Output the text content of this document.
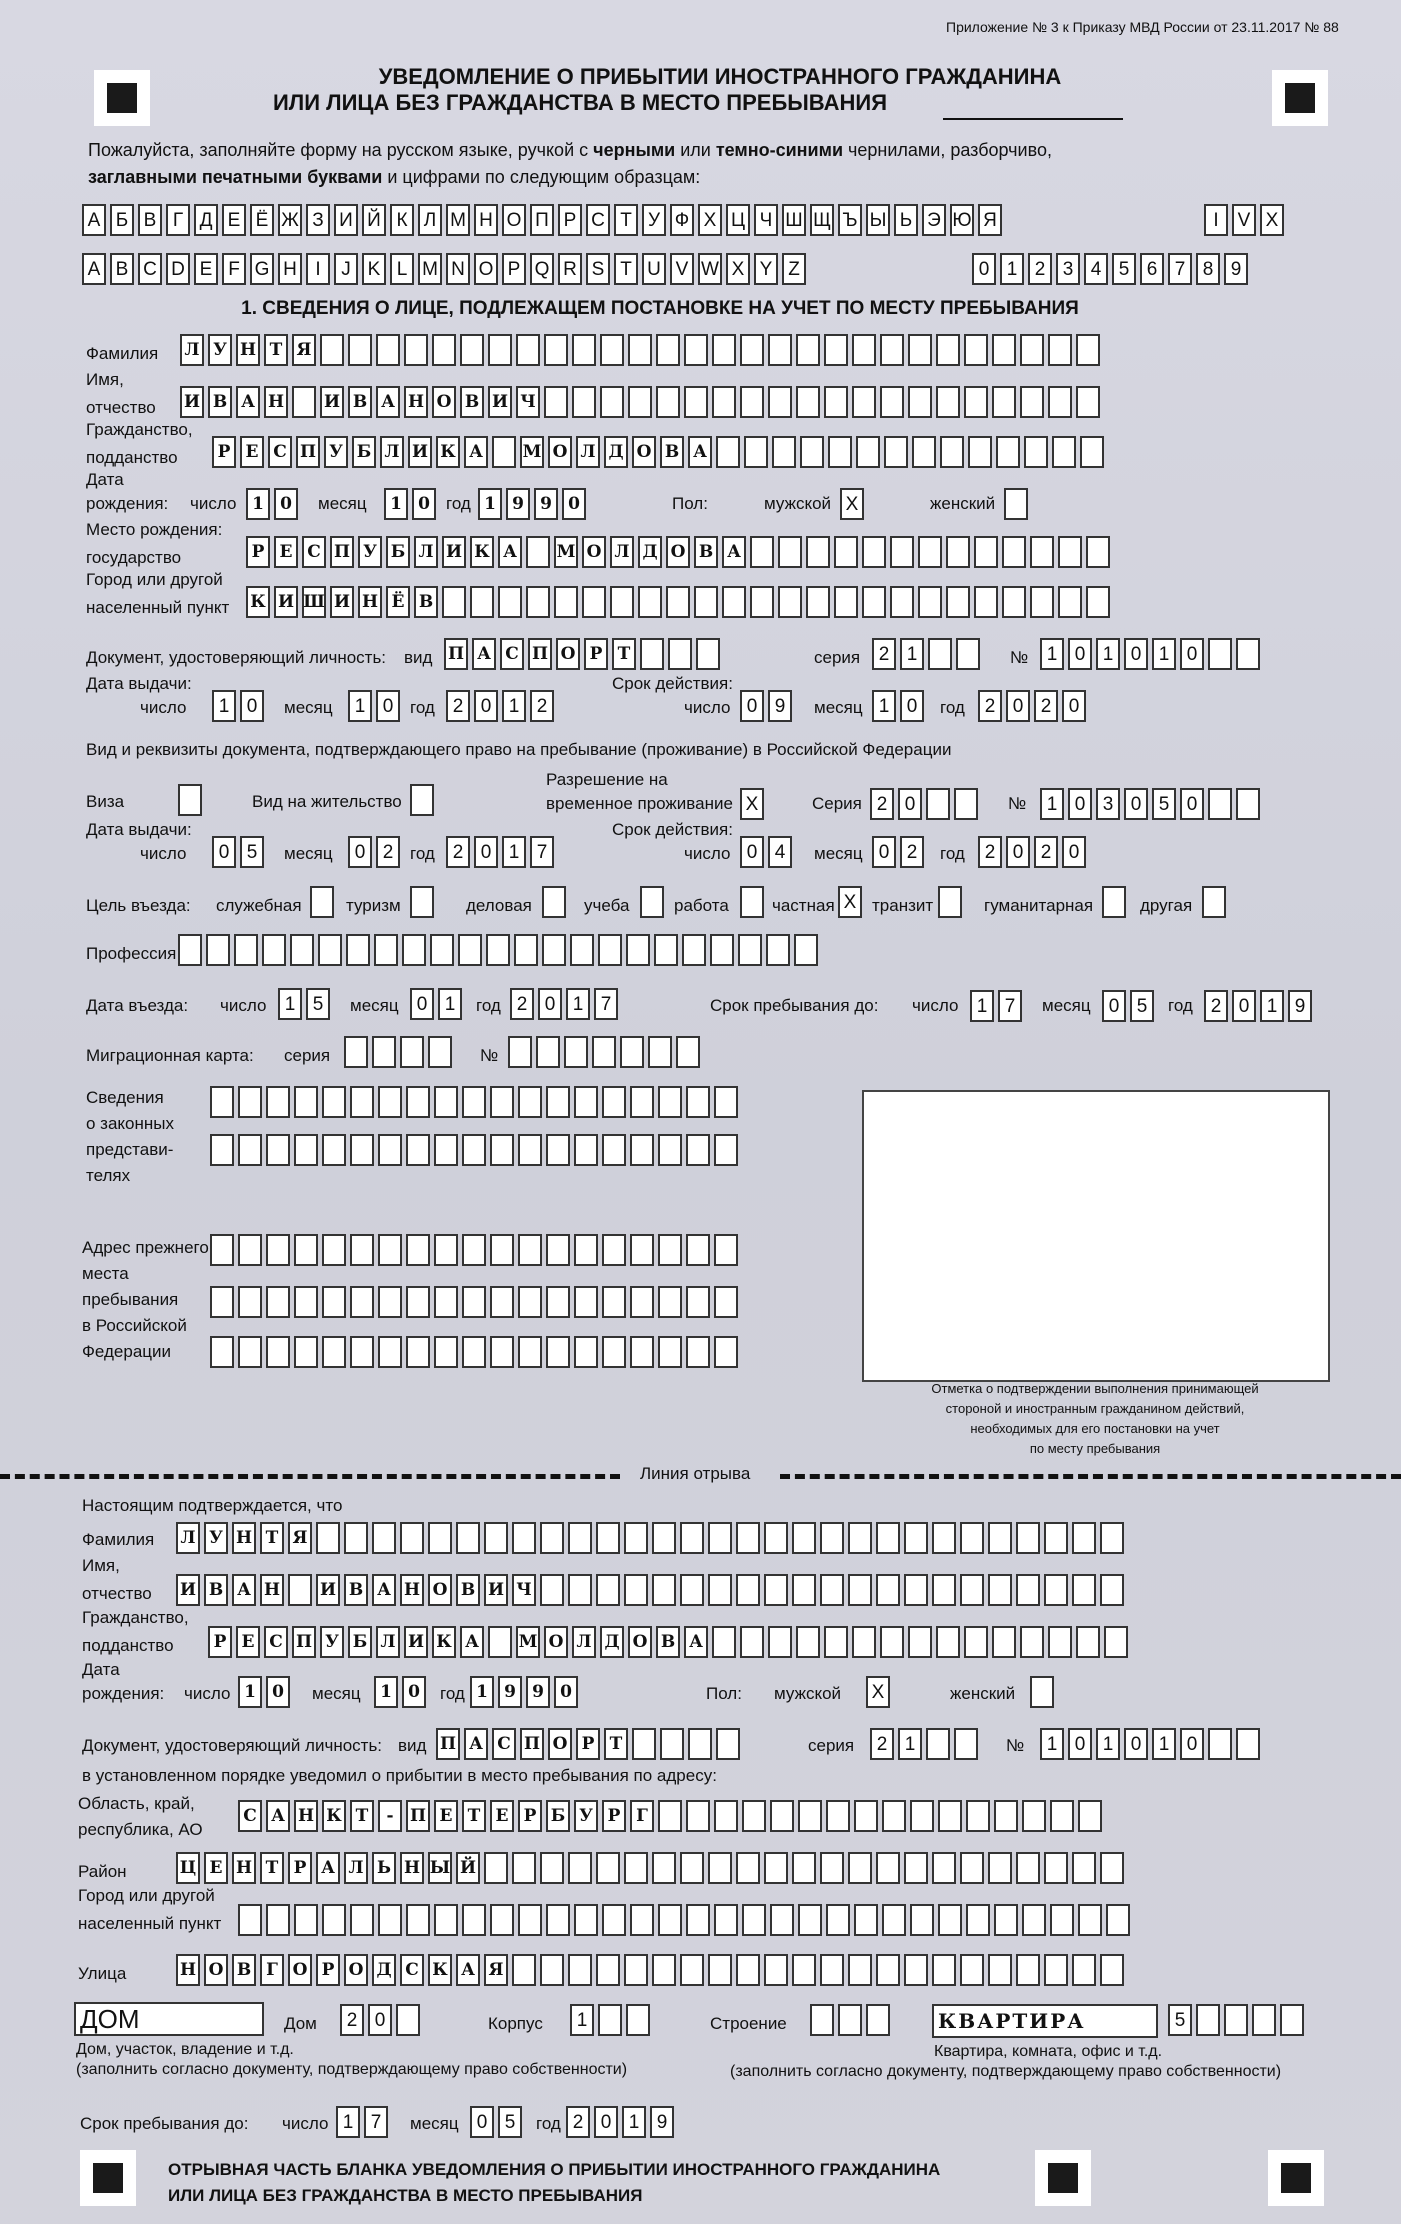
Приложение № 3 к Приказу МВД России от 23.11.2017 № 88
УВЕДОМЛЕНИЕ О ПРИБЫТИИ ИНОСТРАННОГО ГРАЖДАНИНА
ИЛИ ЛИЦА БЕЗ ГРАЖДАНСТВА В МЕСТО ПРЕБЫВАНИЯ
Пожалуйста, заполняйте форму на русском языке, ручкой с черными или темно-синими чернилами, разборчиво,
заглавными печатными буквами и цифрами по следующим образцам:
А Б В Г Д Е Ё Ж З И Й К Л М Н О П Р С Т У Ф Х Ц Ч Ш Щ Ъ Ы Ь Э Ю Я	I	V X
A B C D E F G H I	J K L M N O P Q R S T U V W X Y Z	0 1 2 3 4 5 6 7 8 9
1. СВЕДЕНИЯ О ЛИЦЕ, ПОДЛЕЖАЩЕМ ПОСТАНОВКЕ НА УЧЕТ ПО МЕСТУ ПРЕБЫВАНИЯ
Фамилия Л У Н Т Я
Имя,
отчество И В А Н И В А Н О В И Ч
Гражданство,
подданство	Р Е С П У Б Л И К А М О Л Д О В А
Дата
рождения: число 1 0	месяц	1 0 год 1 9 9 0	Пол:	мужской X	женский
Место рождения:
государство	Р Е С П У Б Л И К А М О Л Д О В А
Город или другой
населенный пункт К И Ш И Н Ё В
Документ, удостоверяющий личность: вид П А С П О Р Т	серия 2 1	№ 1 0 1 0 1 0
Дата выдачи:
число	1 0	месяц	1 0 год 2 0 1 2
Срок действия:
число 0 9	месяц 1 0	год	2 0 2 0
Вид и реквизиты документа, подтверждающего право на пребывание (проживание) в Российской Федерации
Виза	Вид на жительство
Разрешение на
временное проживание X	Серия 2 0	№	1 0 3 0 5 0
Дата выдачи:
число	0 5	месяц	0 2 год 2 0 1 7
Срок действия:
число 0 4	месяц 0 2	год	2 0 2 0
Цель въезда: служебная	туризм	деловая	учеба	работа	частная X транзит	гуманитарная	другая
Профессия
Дата въезда: число 1 5	месяц 0 1	год 2 0 1 7	Срок пребывания до: число 1 7	месяц 0 5	год 2 0 1 9
Миграционная карта: серия	№
Сведения
о законных
представи-
телях
Адрес прежнего
места
пребывания
в Российской
Федерации
Отметка о подтверждении выполнения принимающей
стороной и иностранным гражданином действий,
необходимых для его постановки на учет
по месту пребывания
Линия отрыва
Настоящим подтверждается, что
Фамилия Л У Н Т Я
Имя,
отчество И В А Н И В А Н О В И Ч
Гражданство,
подданство	Р Е С П У Б Л И К А М О Л Д О В А
Дата
рождения: число 1 0	месяц	1 0	год 1 9 9 0	Пол: мужской X	женский
Документ, удостоверяющий личность: вид П А С П О Р Т	серия	2 1	№	1 0 1 0 1 0
в установленном порядке уведомил о прибытии в место пребывания по адресу:
Область, край,
республика, АО
С А Н К Т	- П Е Т Е Р Б У Р Г
Район	Ц Е Н Т Р А Л Ь Н Ы Й
Город или другой
населенный пункт
Улица	Н О В Г О Р О Д С К А Я
ДОМ	Дом	2 0	Корпус	1	Строение	КВАРТИРА	5
Дом, участок, владение и т.д.
(заполнить согласно документу, подтверждающему право собственности)
Квартира, комната, офис и т.д.
(заполнить согласно документу, подтверждающему право собственности)
Срок пребывания до: число 1 7	месяц 0 5	год 2 0 1 9
ОТРЫВНАЯ ЧАСТЬ БЛАНКА УВЕДОМЛЕНИЯ О ПРИБЫТИИ ИНОСТРАННОГО ГРАЖДАНИНА
ИЛИ ЛИЦА БЕЗ ГРАЖДАНСТВА В МЕСТО ПРЕБЫВАНИЯ
